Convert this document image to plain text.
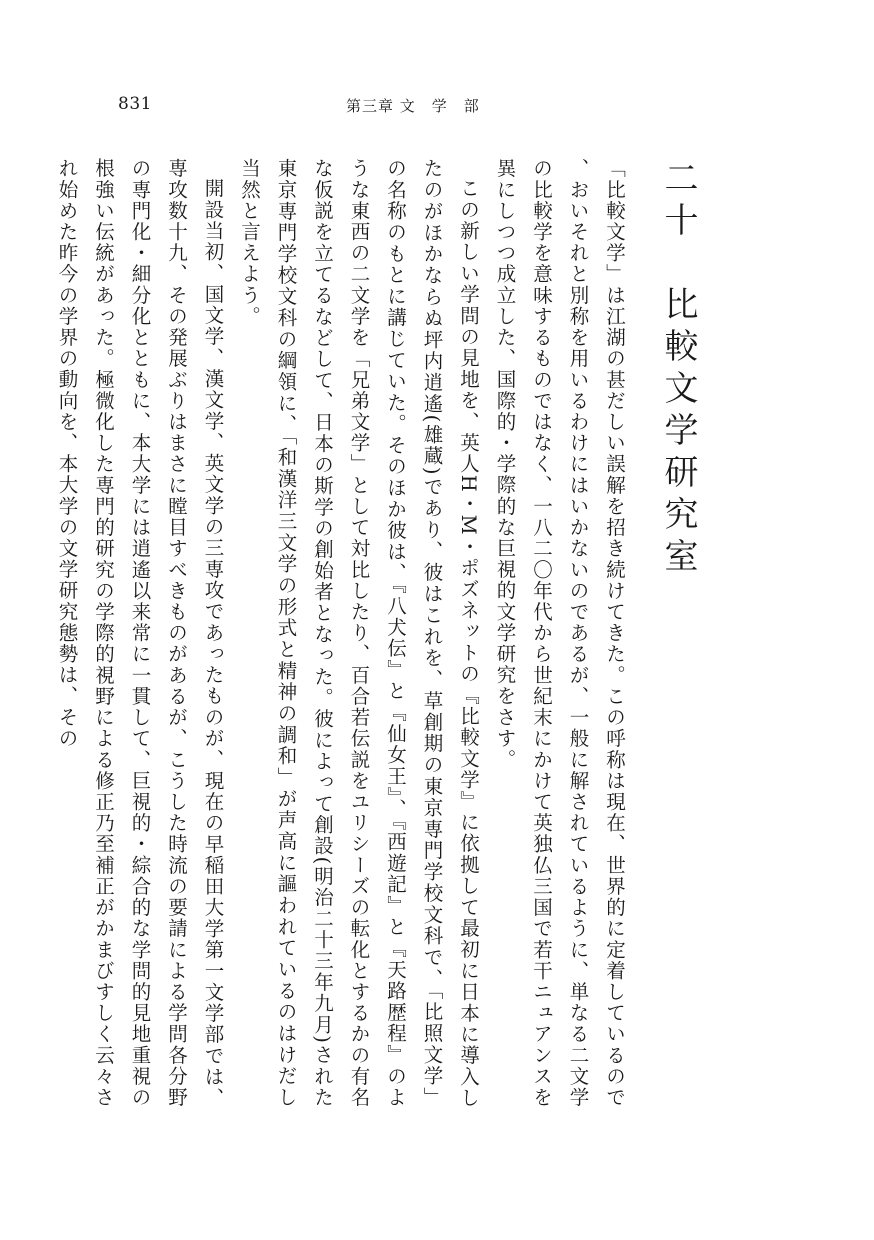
831	第三章 文　学　部
二十　比較文学研究室

「比較文学」は江湖の甚だしい誤解を招き続けてきた。この呼称は現在、世界的に定着しているので、おいそれと別称を用いるわけにはいかないのであるが、一般に解されているように、単なる二文学の比較学を意味するものではなく、一八二〇年代から世紀末にかけて英独仏三国で若干ニュアンスを異にしつつ成立した、国際的・学際的な巨視的文学研究をさす。

この新しい学問の見地を、英人H・M・ポズネットの『比較文学』に依拠して最初に日本に導入したのがほかならぬ坪内逍遙(雄蔵)であり、彼はこれを、草創期の東京専門学校文科で、「比照文学」の名称のもとに講じていた。そのほか彼は、『八犬伝』と『仙女王』、『西遊記』と『天路歴程』のような東西の二文学を「兄弟文学」として対比したり、百合若伝説をユリシーズの転化とするかの有名な仮説を立てるなどして、日本の斯学の創始者となった。彼によって創設(明治二十三年九月)された東京専門学校文科の綱領に、「和漢洋三文学の形式と精神の調和」が声高に謳われているのはけだし当然と言えよう。

開設当初、国文学、漢文学、英文学の三専攻であったものが、現在の早稲田大学第一文学部では、専攻数十九、その発展ぶりはまさに瞠目すべきものがあるが、こうした時流の要請による学問各分野の専門化・細分化とともに、本大学には逍遙以来常に一貫して、巨視的・綜合的な学問的見地重視の根強い伝統があった。極微化した専門的研究の学際的視野による修正乃至補正がかまびすしく云々され始めた昨今の学界の動向を、本大学の文学研究態勢は、その
